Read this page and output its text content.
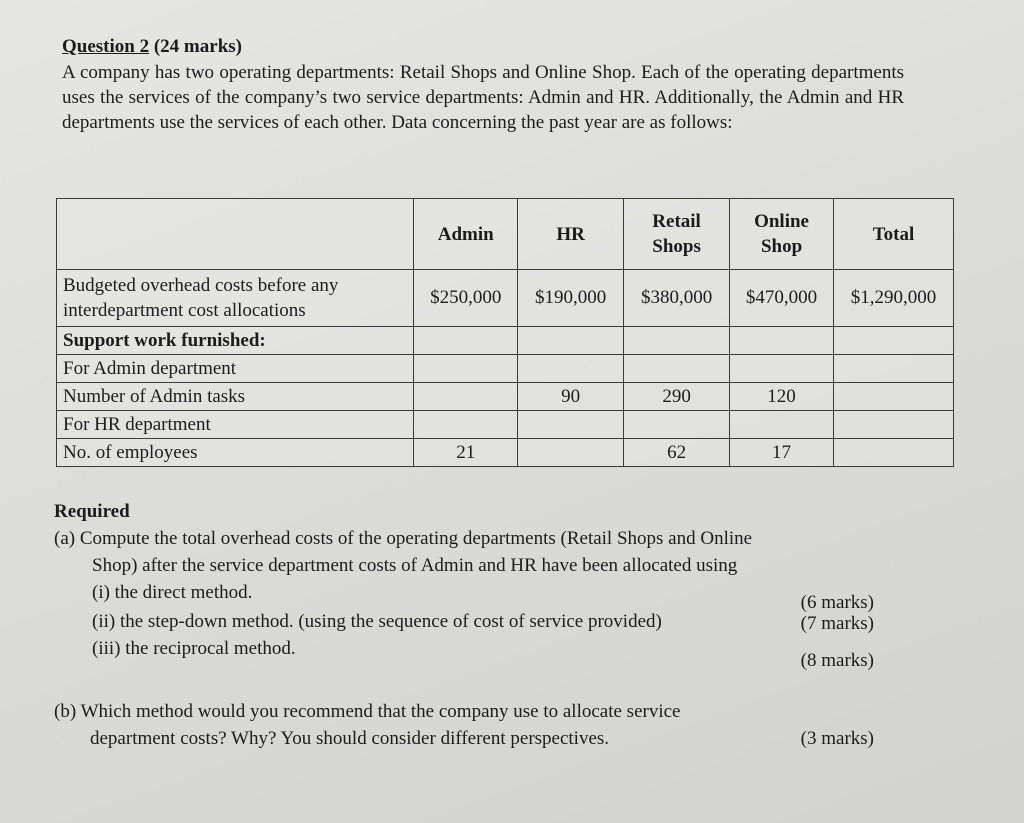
Question 2 (24 marks)
A company has two operating departments: Retail Shops and Online Shop. Each of the operating departments uses the services of the company’s two service departments: Admin and HR. Additionally, the Admin and HR departments use the services of each other. Data concerning the past year are as follows:
	Admin	HR	Retail Shops	Online Shop	Total
Budgeted overhead costs before any interdepartment cost allocations	$250,000	$190,000	$380,000	$470,000	$1,290,000
Support work furnished:					
For Admin department					
Number of Admin tasks		90	290	120	
For HR department					
No. of employees	21		62	17	
Required
(a) Compute the total overhead costs of the operating departments (Retail Shops and Online
Shop) after the service department costs of Admin and HR have been allocated using
(i) the direct method.	(6 marks)
(ii) the step-down method. (using the sequence of cost of service provided)	(7 marks)
(iii) the reciprocal method.
(8 marks)
(b) Which method would you recommend that the company use to allocate service
department costs? Why? You should consider different perspectives.	(3 marks)
